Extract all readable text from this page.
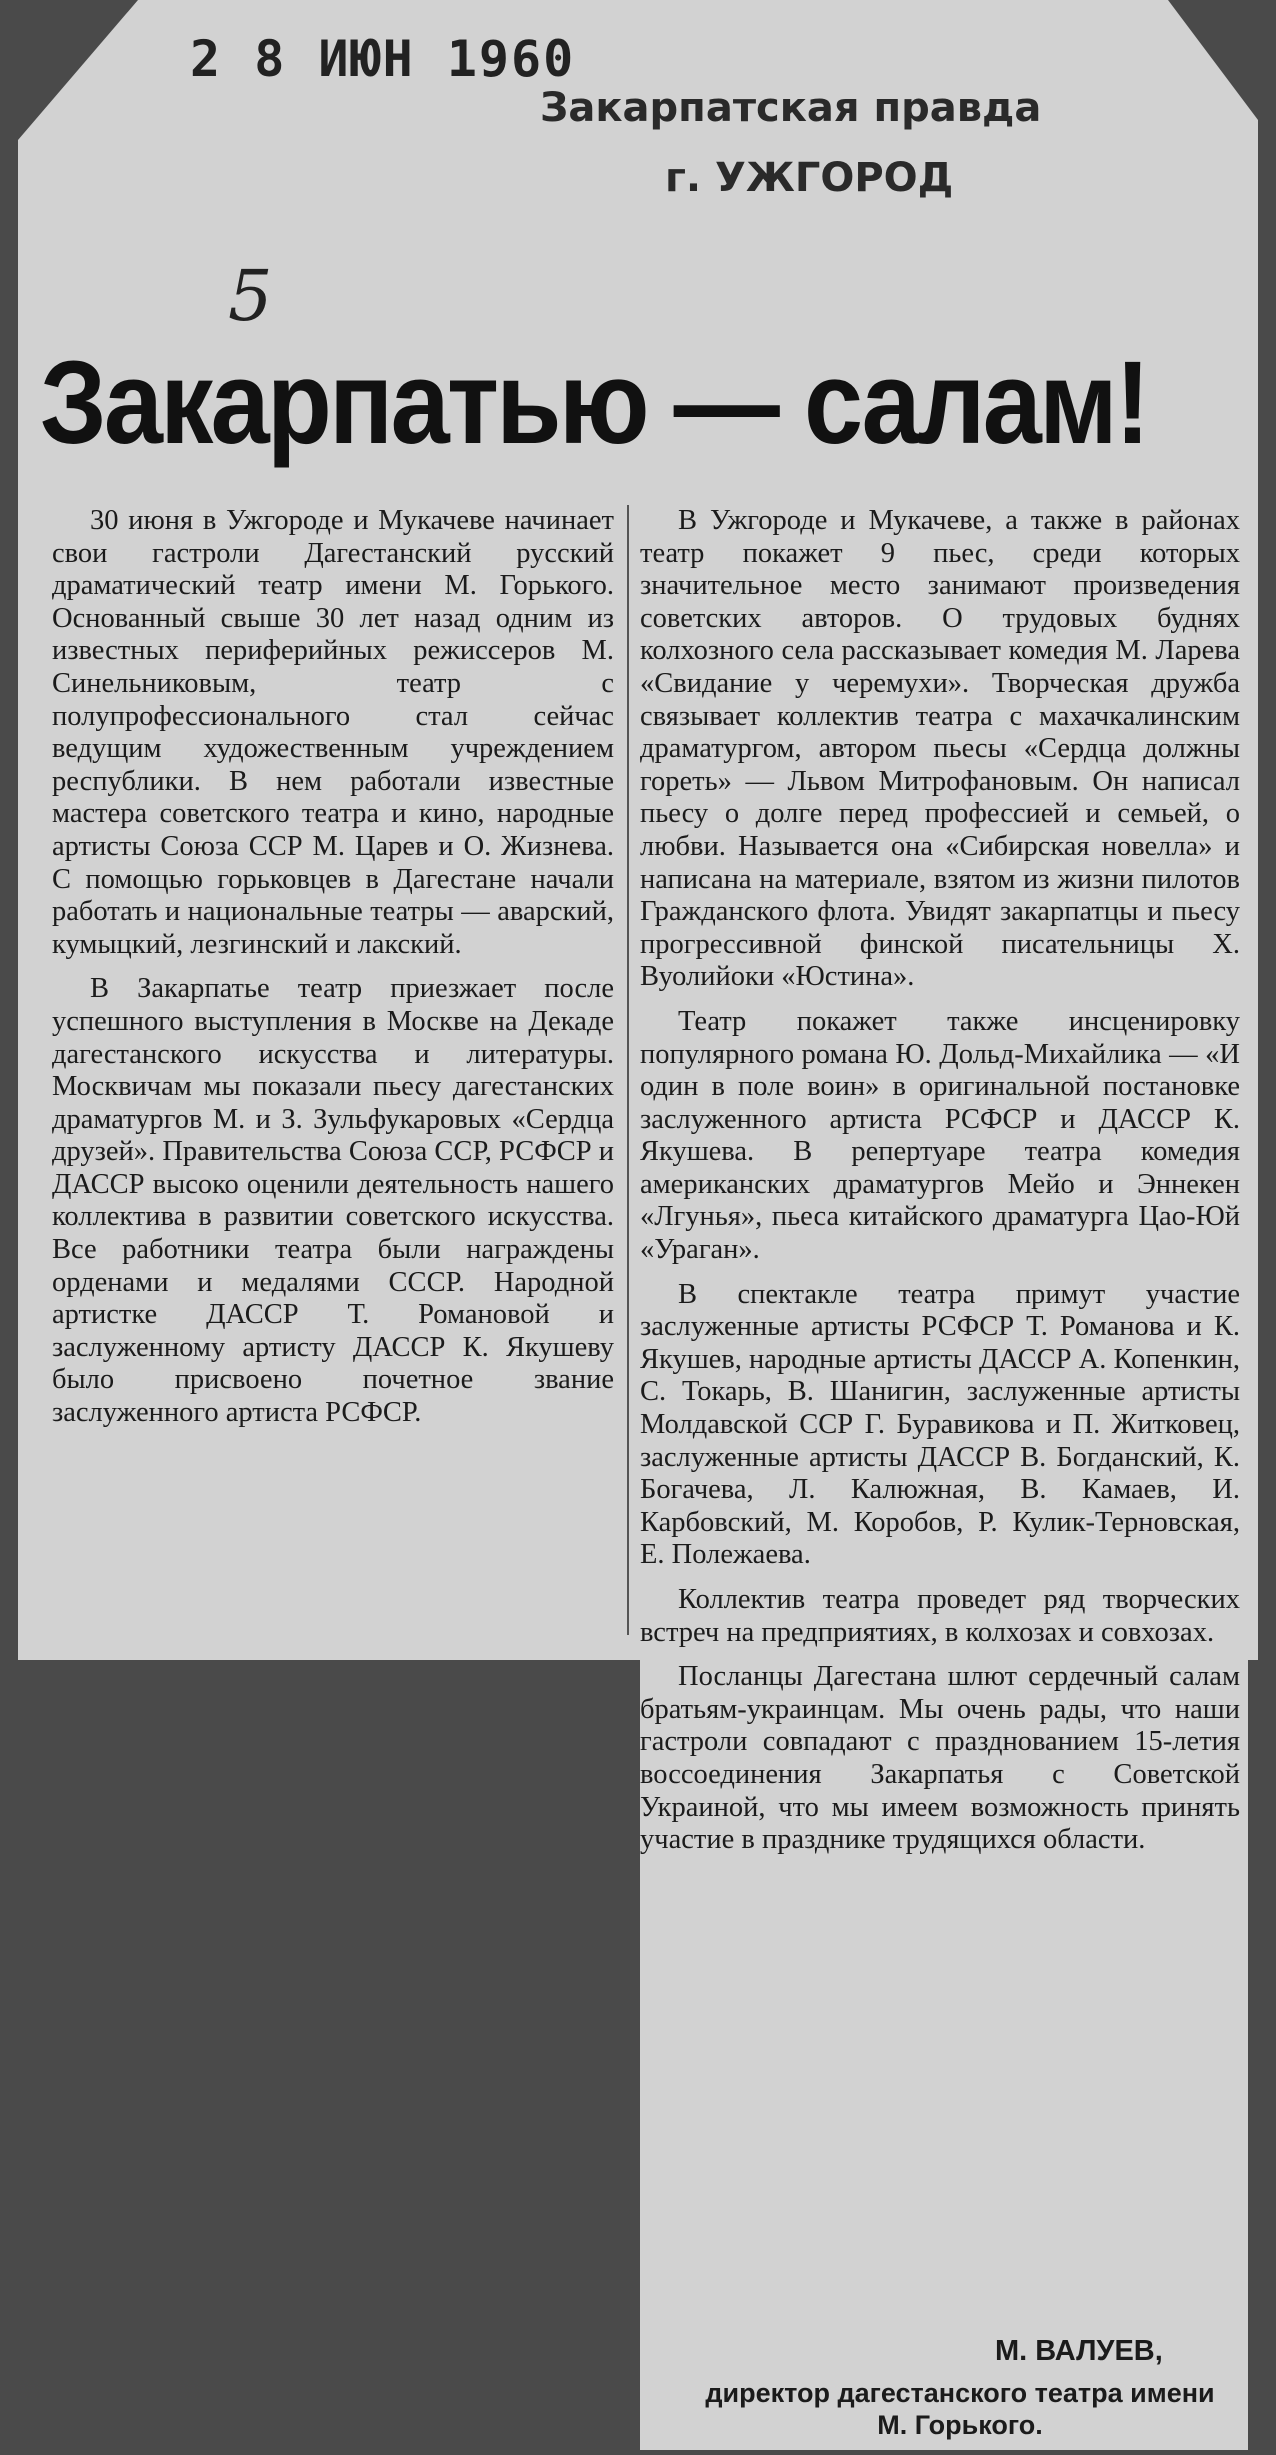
2 8 ИЮН 1960
Закарпатская правда
г. УЖГОРОД
5
Закарпатью — салам!

30 июня в Ужгороде и Мукачеве начинает свои гастроли Дагестанский русский драматический театр имени М. Горького. Основанный свыше 30 лет назад одним из известных периферийных режиссеров М. Синельниковым, театр с полупрофессионального стал сейчас ведущим художественным учреждением республики. В нем работали известные мастера советского театра и кино, народные артисты Союза ССР М. Царев и О. Жизнева. С помощью горьковцев в Дагестане начали работать и национальные театры — аварский, кумыцкий, лезгинский и лакский.

В Закарпатье театр приезжает после успешного выступления в Москве на Декаде дагестанского искусства и литературы. Москвичам мы показали пьесу дагестанских драматургов М. и З. Зульфукаровых «Сердца друзей». Правительства Союза ССР, РСФСР и ДАССР высоко оценили деятельность нашего коллектива в развитии советского искусства. Все работники театра были награждены орденами и медалями СССР. Народной артистке ДАССР Т. Романовой и заслуженному артисту ДАССР К. Якушеву было присвоено почетное звание заслуженного артиста РСФСР.

В Ужгороде и Мукачеве, а также в районах театр покажет 9 пьес, среди которых значительное место занимают произведения советских авторов. О трудовых буднях колхозного села рассказывает комедия М. Ларева «Свидание у черемухи». Творческая дружба связывает коллектив театра с махачкалинским драматургом, автором пьесы «Сердца должны гореть» — Львом Митрофановым. Он написал пьесу о долге перед профессией и семьей, о любви. Называется она «Сибирская новелла» и написана на материале, взятом из жизни пилотов Гражданского флота. Увидят закарпатцы и пьесу прогрессивной финской писательницы Х. Вуолийоки «Юстина».

Театр покажет также инсценировку популярного романа Ю. Дольд-Михайлика — «И один в поле воин» в оригинальной постановке заслуженного артиста РСФСР и ДАССР К. Якушева. В репертуаре театра комедия американских драматургов Мейо и Эннекен «Лгунья», пьеса китайского драматурга Цао-Юй «Ураган».

В спектакле театра примут участие заслуженные артисты РСФСР Т. Романова и К. Якушев, народные артисты ДАССР А. Копенкин, С. Токарь, В. Шанигин, заслуженные артисты Молдавской ССР Г. Буравикова и П. Житковец, заслуженные артисты ДАССР В. Богданский, К. Богачева, Л. Калюжная, В. Камаев, И. Карбовский, М. Коробов, Р. Кулик-Терновская, Е. Полежаева.

Коллектив театра проведет ряд творческих встреч на предприятиях, в колхозах и совхозах.

Посланцы Дагестана шлют сердечный салам братьям-украинцам. Мы очень рады, что наши гастроли совпадают с празднованием 15-летия воссоединения Закарпатья с Советской Украиной, что мы имеем возможность принять участие в празднике трудящихся области.

М. ВАЛУЕВ,
директор дагестанского театра имени М. Горького.
